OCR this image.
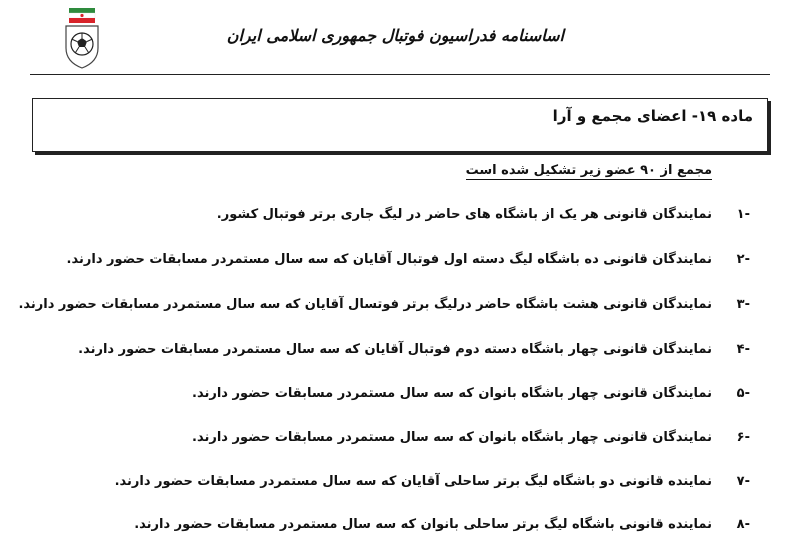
اساسنامه فدراسیون فوتبال جمهوری اسلامی ایران
ماده ۱۹- اعضای مجمع و آرا
مجمع از ۹۰ عضو زیر تشکیل شده است
-۱نمایندگان قانونی هر یک از باشگاه های حاضر در لیگ جاری برتر فوتبال کشور.
-۲نمایندگان قانونی ده باشگاه لیگ دسته اول فوتبال آقایان که سه سال مستمردر مسابقات حضور دارند.
-۳نمایندگان قانونی هشت باشگاه حاضر درلیگ برتر فوتسال آقایان که سه سال مستمردر مسابقات حضور دارند.
-۴نمایندگان قانونی چهار باشگاه دسته دوم فوتبال آقایان که سه سال مستمردر مسابقات حضور دارند.
-۵نمایندگان قانونی چهار باشگاه بانوان که سه سال مستمردر مسابقات حضور دارند.
-۶نمایندگان قانونی چهار باشگاه بانوان که سه سال مستمردر مسابقات حضور دارند.
-۷نماینده قانونی دو باشگاه لیگ برتر ساحلی آقایان که سه سال مستمردر مسابقات حضور دارند.
-۸نماینده قانونی باشگاه لیگ برتر ساحلی بانوان که سه سال مستمردر مسابقات حضور دارند.
